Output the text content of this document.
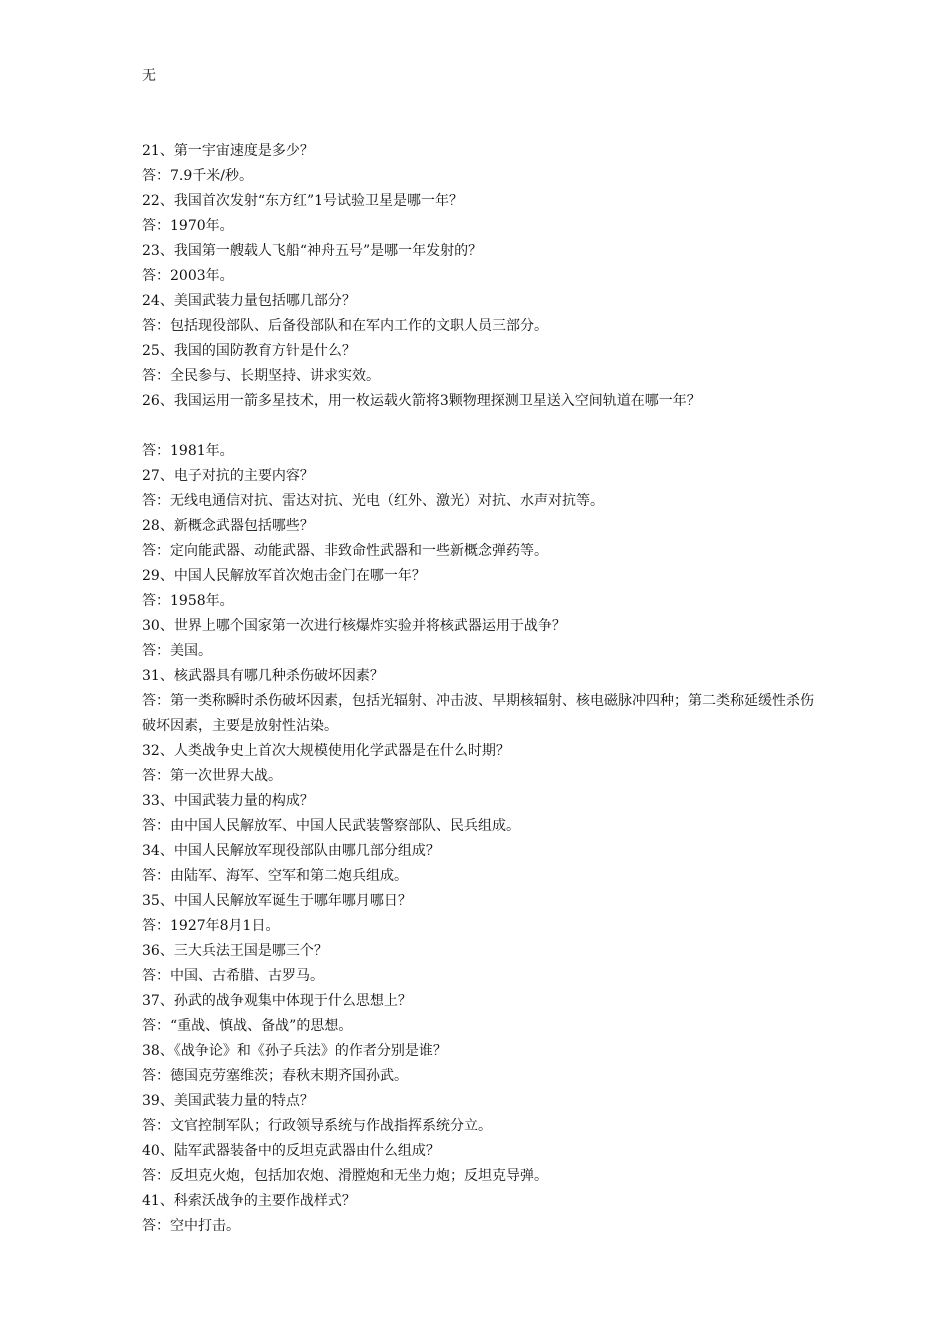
无
21、第一宇宙速度是多少？
答：7.9千米/秒。
22、我国首次发射“东方红”1号试验卫星是哪一年？
答：1970年。
23、我国第一艘载人飞船“神舟五号”是哪一年发射的？
答：2003年。
24、美国武装力量包括哪几部分？
答：包括现役部队、后备役部队和在军内工作的文职人员三部分。
25、我国的国防教育方针是什么？
答：全民参与、长期坚持、讲求实效。
26、我国运用一箭多星技术，用一枚运载火箭将3颗物理探测卫星送入空间轨道在哪一年？
答：1981年。
27、电子对抗的主要内容？
答：无线电通信对抗、雷达对抗、光电（红外、激光）对抗、水声对抗等。
28、新概念武器包括哪些？
答：定向能武器、动能武器、非致命性武器和一些新概念弹药等。
29、中国人民解放军首次炮击金门在哪一年？
答：1958年。
30、世界上哪个国家第一次进行核爆炸实验并将核武器运用于战争？
答：美国。
31、核武器具有哪几种杀伤破坏因素？
答：第一类称瞬时杀伤破坏因素，包括光辐射、冲击波、早期核辐射、核电磁脉冲四种；第二类称延缓性杀伤破坏因素，主要是放射性沾染。
32、人类战争史上首次大规模使用化学武器是在什么时期？
答：第一次世界大战。
33、中国武装力量的构成？
答：由中国人民解放军、中国人民武装警察部队、民兵组成。
34、中国人民解放军现役部队由哪几部分组成？
答：由陆军、海军、空军和第二炮兵组成。
35、中国人民解放军诞生于哪年哪月哪日？
答：1927年8月1日。
36、三大兵法王国是哪三个？
答：中国、古希腊、古罗马。
37、孙武的战争观集中体现于什么思想上？
答：“重战、慎战、备战”的思想。
38、《战争论》和《孙子兵法》的作者分别是谁？
答：德国克劳塞维茨；春秋末期齐国孙武。
39、美国武装力量的特点？
答：文官控制军队；行政领导系统与作战指挥系统分立。
40、陆军武器装备中的反坦克武器由什么组成？
答：反坦克火炮，包括加农炮、滑膛炮和无坐力炮；反坦克导弹。
41、科索沃战争的主要作战样式？
答：空中打击。
